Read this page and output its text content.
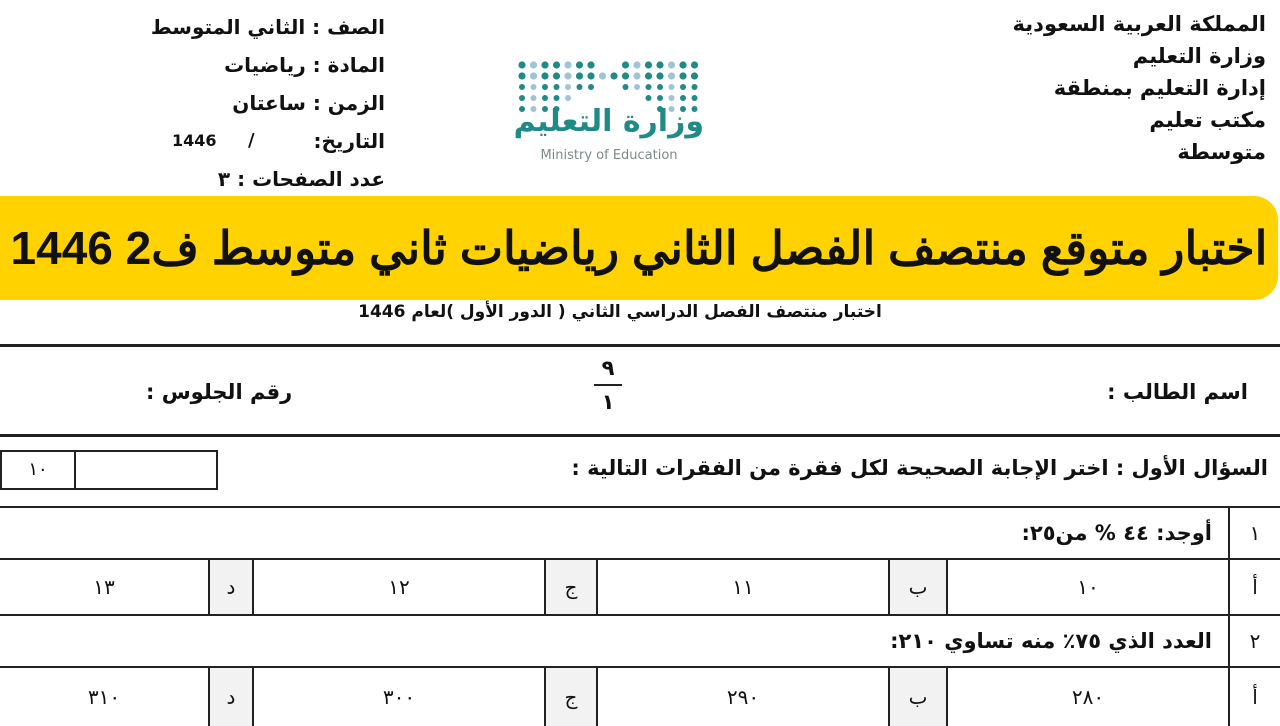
المملكة العربية السعودية
وزارة التعليم
إدارة التعليم بمنطقة
مكتب تعليم
متوسطة
وزارة التعليم
Ministry of Education
الصف : الثاني المتوسط
المادة : رياضيات
الزمن : ساعتان
التاريخ:
/
1446
عدد الصفحات : ٣
اختبار متوقع منتصف الفصل الثاني رياضيات ثاني متوسط ف2 1446
اختبار منتصف الفصل الدراسي الثاني ( الدور الأول )لعام 1446
اسم الطالب :
٩
١
رقم الجلوس :
١٠	السؤال الأول : اختر الإجابة الصحيحة لكل فقرة من الفقرات التالية :
١
أوجد: ٤٤ % من٢٥:
أ
١٠
ب
١١
ج
١٢
د
١٣
٢
العدد الذي ٧٥٪ منه تساوي ٢١٠:
أ
٢٨٠
ب
٢٩٠
ج
٣٠٠
د
٣١٠
